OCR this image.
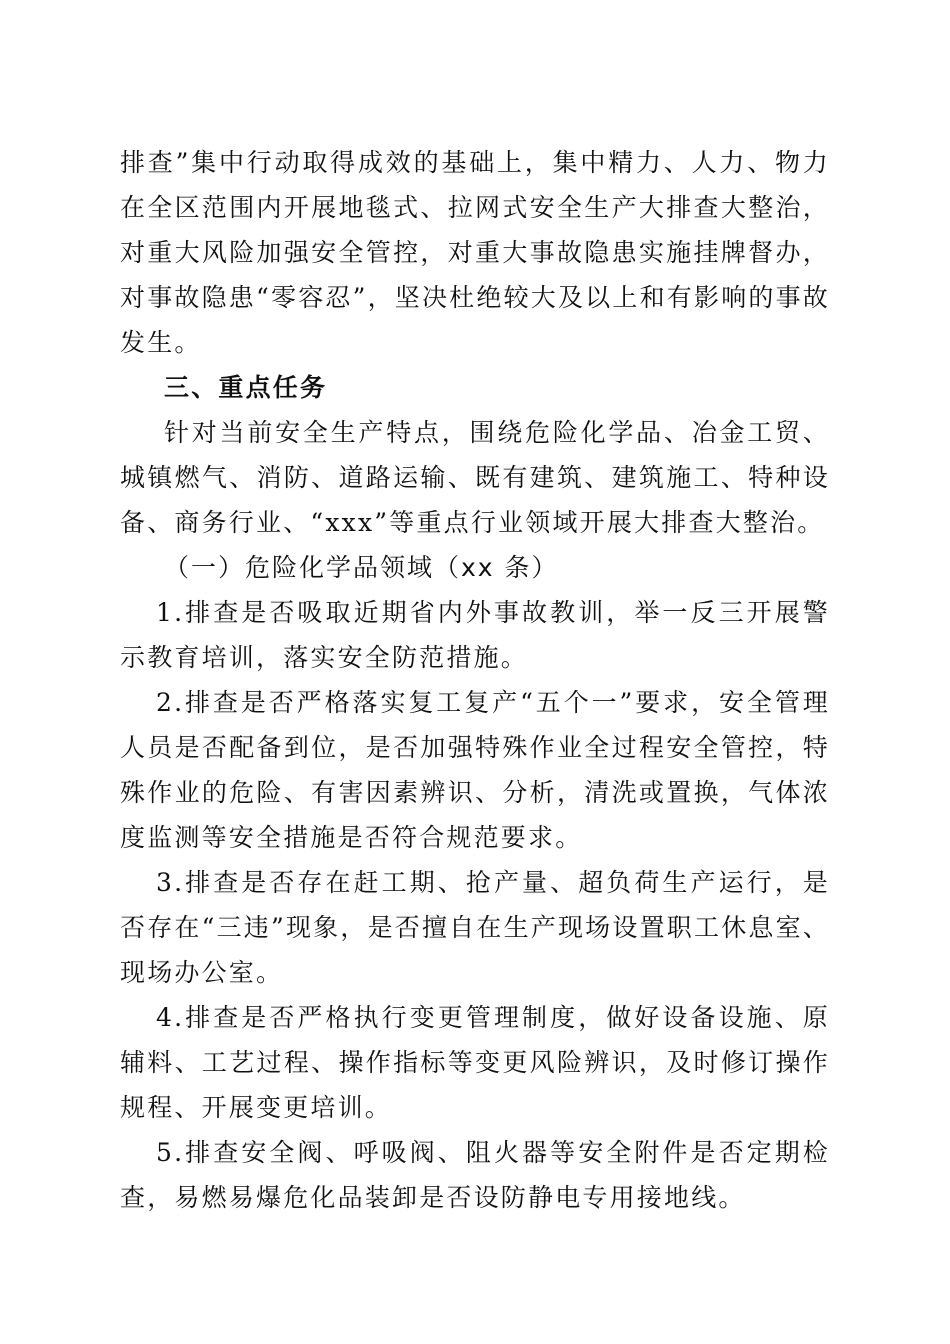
排查”集中行动取得成效的基础上，集中精力、人力、物力在全区范围内开展地毯式、拉网式安全生产大排查大整治，对重大风险加强安全管控，对重大事故隐患实施挂牌督办，对事故隐患“零容忍”，坚决杜绝较大及以上和有影响的事故发生。

三、重点任务

针对当前安全生产特点，围绕危险化学品、冶金工贸、城镇燃气、消防、道路运输、既有建筑、建筑施工、特种设备、商务行业、“xxx”等重点行业领域开展大排查大整治。

（一）危险化学品领域（xx 条）

1.排查是否吸取近期省内外事故教训，举一反三开展警示教育培训，落实安全防范措施。

2.排查是否严格落实复工复产“五个一”要求，安全管理人员是否配备到位，是否加强特殊作业全过程安全管控，特殊作业的危险、有害因素辨识、分析，清洗或置换，气体浓度监测等安全措施是否符合规范要求。

3.排查是否存在赶工期、抢产量、超负荷生产运行，是否存在“三违”现象，是否擅自在生产现场设置职工休息室、现场办公室。

4.排查是否严格执行变更管理制度，做好设备设施、原辅料、工艺过程、操作指标等变更风险辨识，及时修订操作规程、开展变更培训。

5.排查安全阀、呼吸阀、阻火器等安全附件是否定期检查，易燃易爆危化品装卸是否设防静电专用接地线。
